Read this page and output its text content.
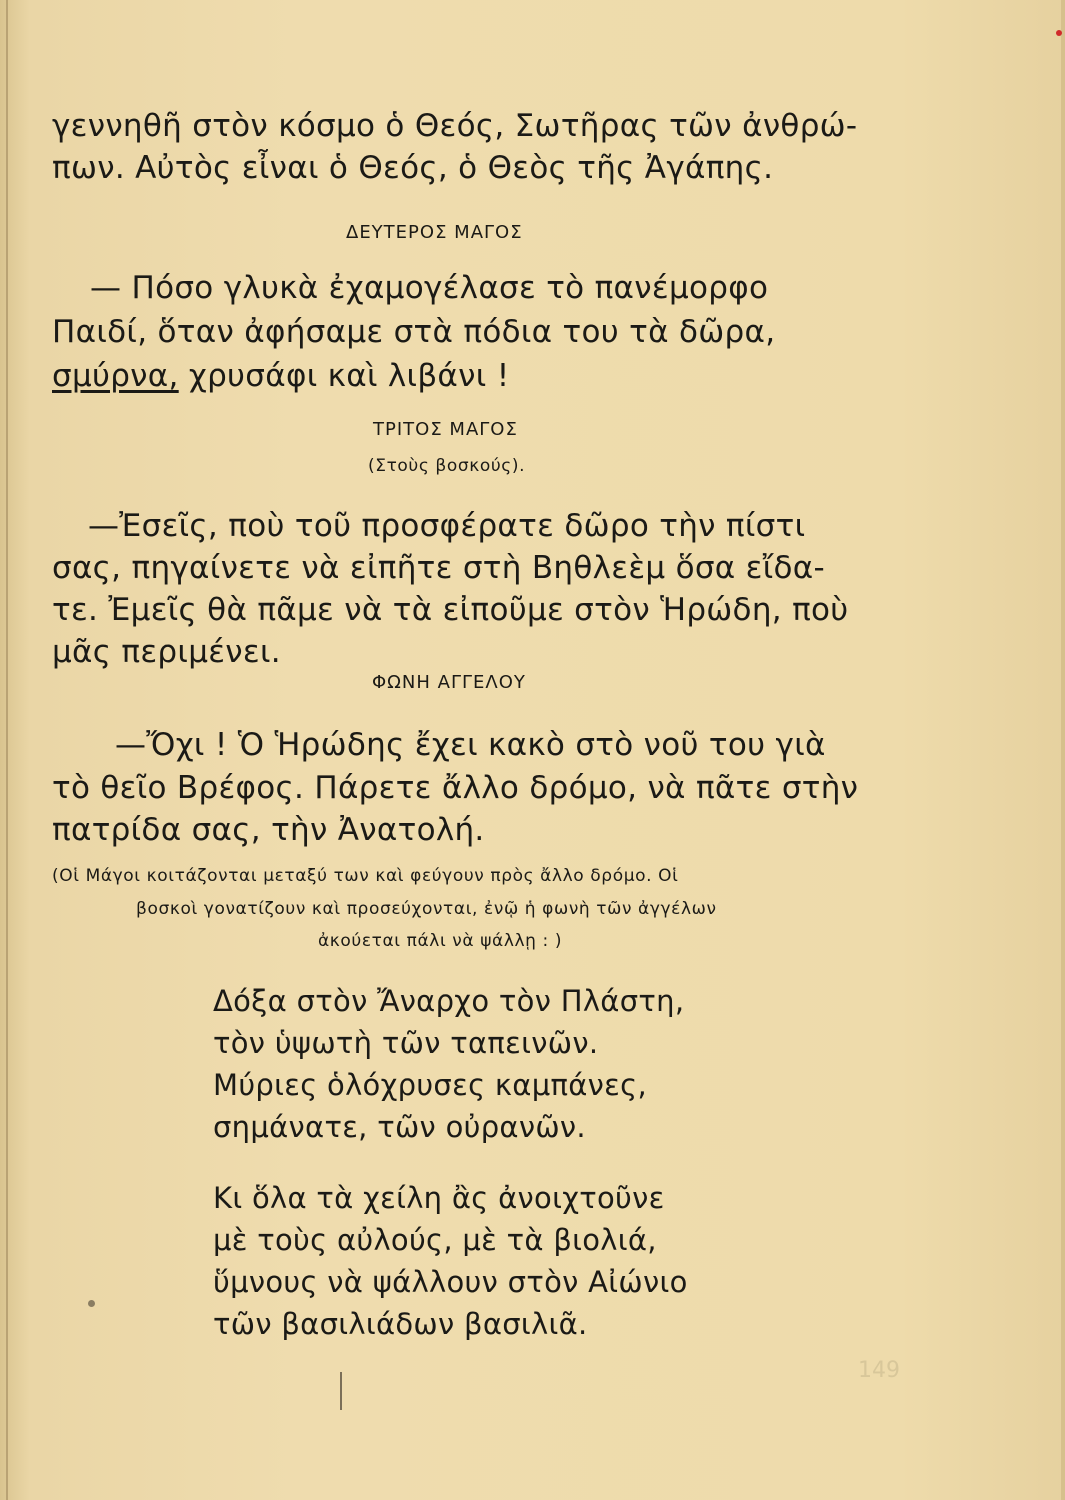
γεννηθῆ στὸν κόσμο ὁ Θεός, Σωτῆρας τῶν ἀνθρώ-
πων. Αὐτὸς εἶναι ὁ Θεός, ὁ Θεὸς τῆς Ἀγάπης.
ΔΕΥΤΕΡΟΣ ΜΑΓΟΣ
— Πόσο γλυκὰ ἐχαμογέλασε τὸ πανέμορφο
Παιδί, ὅταν ἀφήσαμε στὰ πόδια του τὰ δῶρα,
σμύρνα, χρυσάφι καὶ λιβάνι !
ΤΡΙΤΟΣ ΜΑΓΟΣ
(Στοὺς βοσκούς).
—Ἐσεῖς, ποὺ τοῦ προσφέρατε δῶρο τὴν πίστι
σας, πηγαίνετε νὰ εἰπῆτε στὴ Βηθλεὲμ ὅσα εἴδα-
τε. Ἐμεῖς θὰ πᾶμε νὰ τὰ εἰποῦμε στὸν Ἡρώδη, ποὺ
μᾶς περιμένει.
ΦΩΝΗ ΑΓΓΕΛΟΥ
—Ὄχι ! Ὁ Ἡρώδης ἔχει κακὸ στὸ νοῦ του γιὰ
τὸ θεῖο Βρέφος. Πάρετε ἄλλο δρόμο, νὰ πᾶτε στὴν
πατρίδα σας, τὴν Ἀνατολή.
(Οἱ Μάγοι κοιτάζονται μεταξύ των καὶ φεύγουν πρὸς ἄλλο δρόμο. Οἱ
βοσκοὶ γονατίζουν καὶ προσεύχονται, ἐνῷ ἡ φωνὴ τῶν ἀγγέλων
ἀκούεται πάλι νὰ ψάλλῃ : )
Δόξα στὸν Ἄναρχο τὸν Πλάστη,
τὸν ὑψωτὴ τῶν ταπεινῶν.
Μύριες ὁλόχρυσες καμπάνες,
σημάνατε, τῶν οὐρανῶν.
Κι ὅλα τὰ χείλη ἂς ἀνοιχτοῦνε
μὲ τοὺς αὐλούς, μὲ τὰ βιολιά,
ὕμνους νὰ ψάλλουν στὸν Αἰώνιο
τῶν βασιλιάδων βασιλιᾶ.
149
